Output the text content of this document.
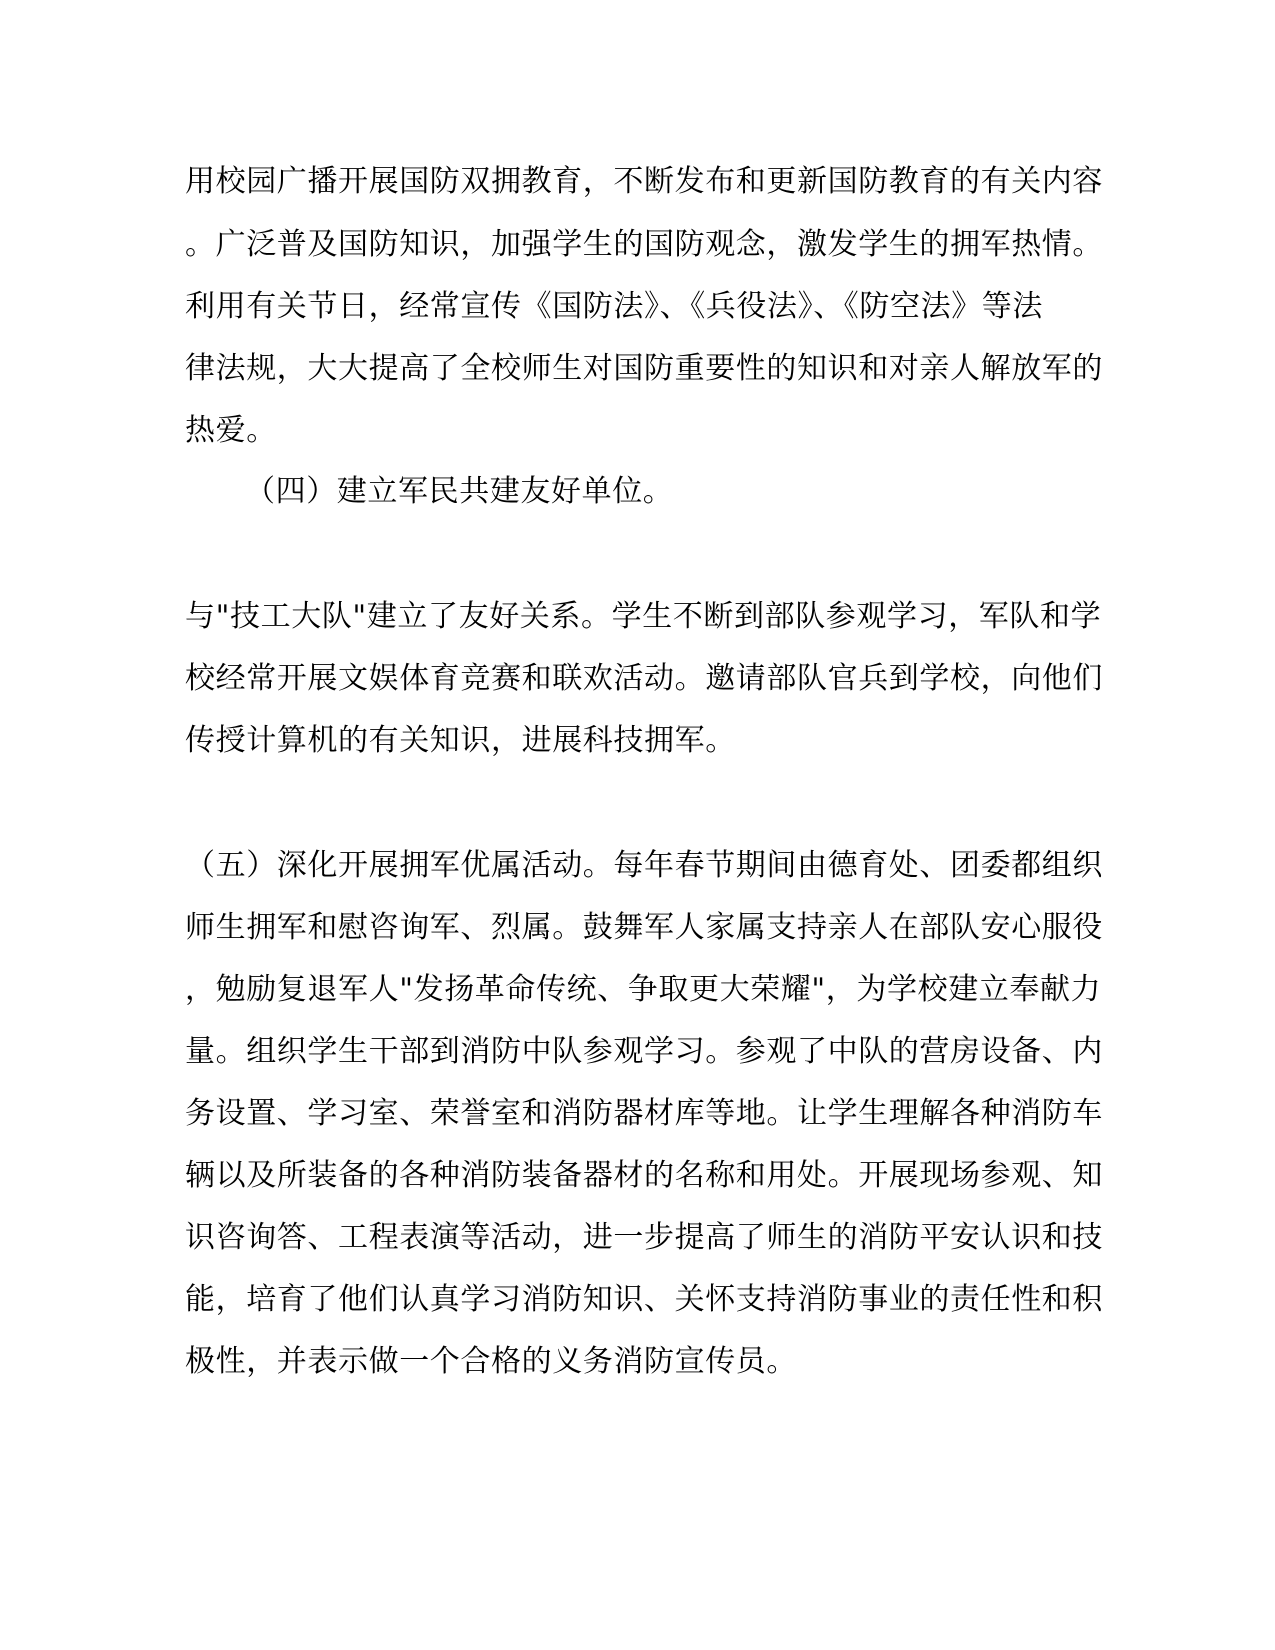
用校园广播开展国防双拥教育，不断发布和更新国防教育的有关内容
。广泛普及国防知识，加强学生的国防观念，激发学生的拥军热情。
利用有关节日，经常宣传《国防法》、《兵役法》、《防空法》等法
律法规，大大提高了全校师生对国防重要性的知识和对亲人解放军的
热爱。
（四）建立军民共建友好单位。
与"技工大队"建立了友好关系。学生不断到部队参观学习，军队和学
校经常开展文娱体育竞赛和联欢活动。邀请部队官兵到学校，向他们
传授计算机的有关知识，进展科技拥军。
（五）深化开展拥军优属活动。每年春节期间由德育处、团委都组织
师生拥军和慰咨询军、烈属。鼓舞军人家属支持亲人在部队安心服役
，勉励复退军人"发扬革命传统、争取更大荣耀"，为学校建立奉献力
量。组织学生干部到消防中队参观学习。参观了中队的营房设备、内
务设置、学习室、荣誉室和消防器材库等地。让学生理解各种消防车
辆以及所装备的各种消防装备器材的名称和用处。开展现场参观、知
识咨询答、工程表演等活动，进一步提高了师生的消防平安认识和技
能，培育了他们认真学习消防知识、关怀支持消防事业的责任性和积
极性，并表示做一个合格的义务消防宣传员。
